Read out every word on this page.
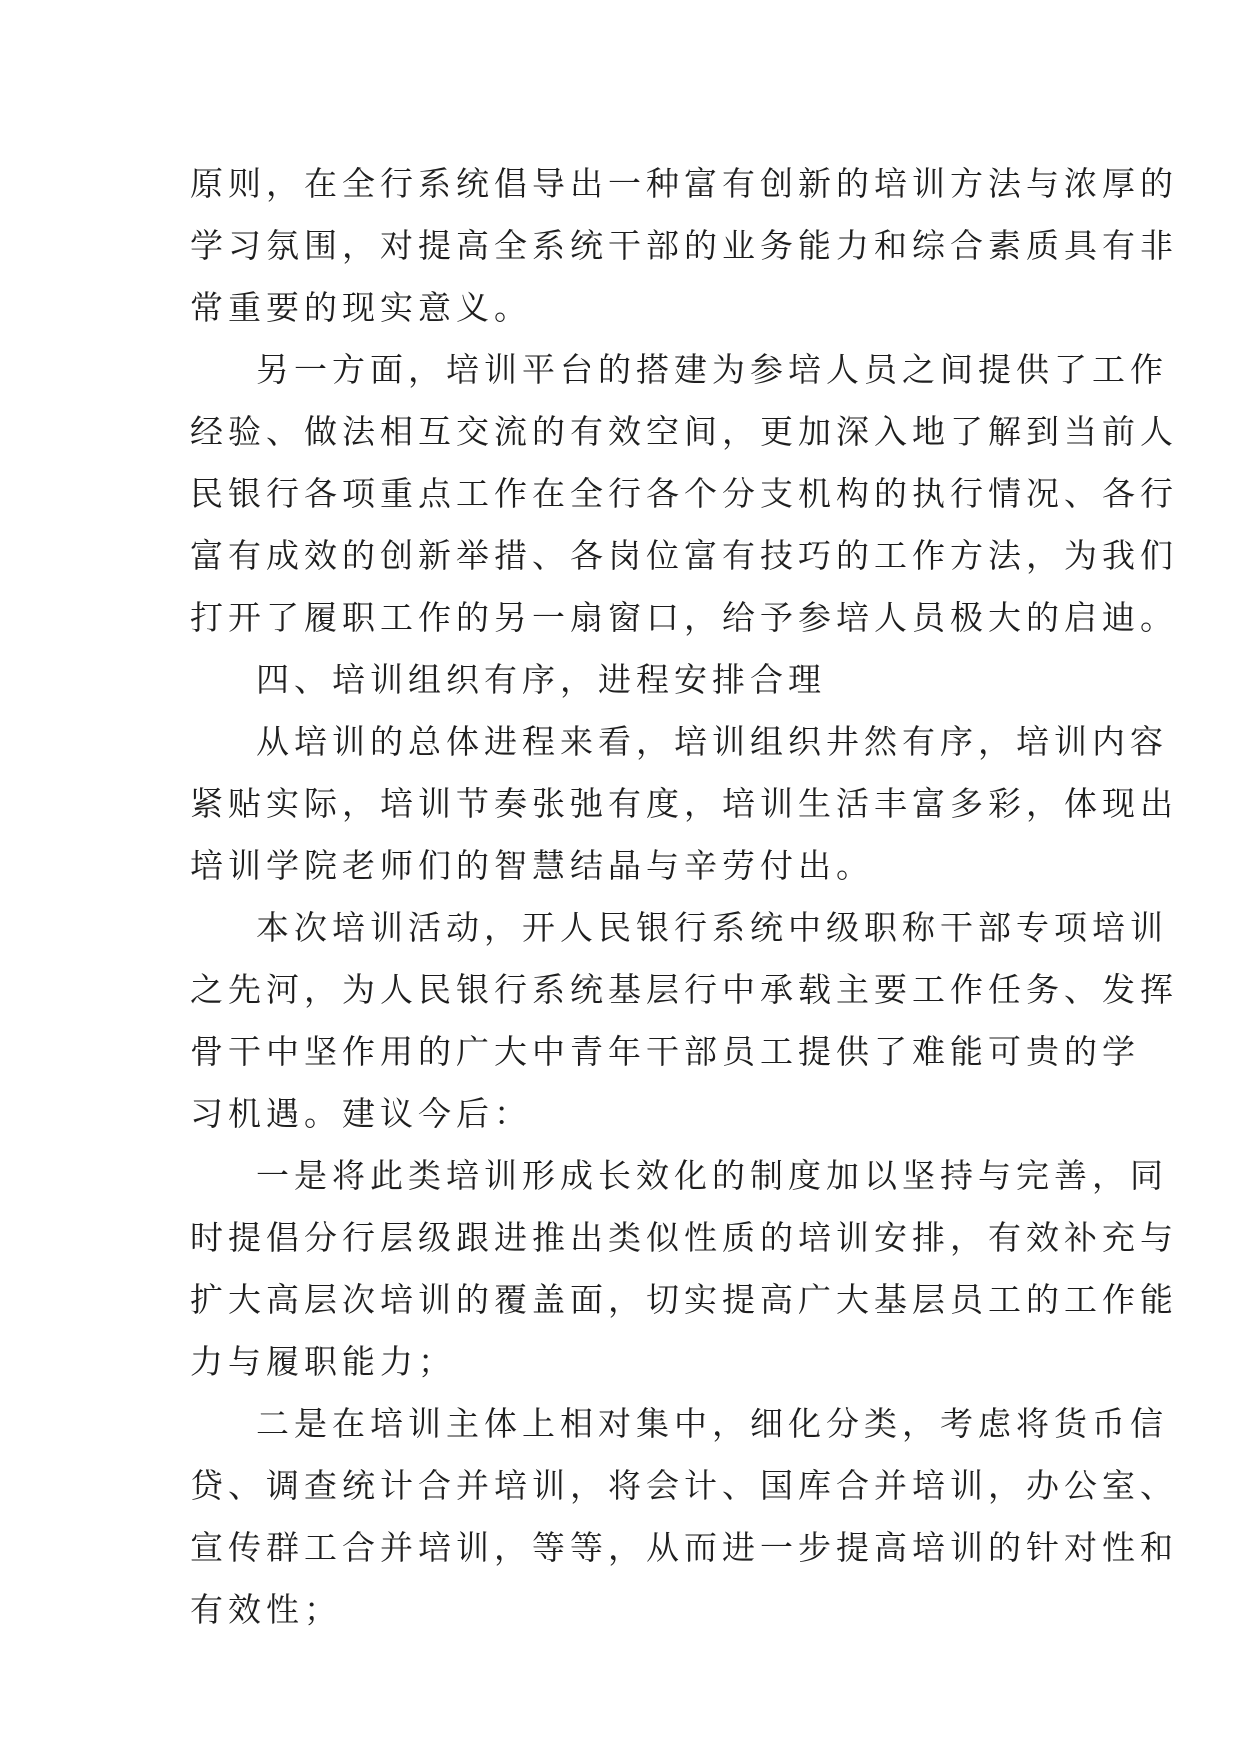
原则，在全行系统倡导出一种富有创新的培训方法与浓厚的
学习氛围，对提高全系统干部的业务能力和综合素质具有非
常重要的现实意义。
另一方面，培训平台的搭建为参培人员之间提供了工作
经验、做法相互交流的有效空间，更加深入地了解到当前人
民银行各项重点工作在全行各个分支机构的执行情况、各行
富有成效的创新举措、各岗位富有技巧的工作方法，为我们
打开了履职工作的另一扇窗口，给予参培人员极大的启迪。
四、培训组织有序，进程安排合理
从培训的总体进程来看，培训组织井然有序，培训内容
紧贴实际，培训节奏张弛有度，培训生活丰富多彩，体现出
培训学院老师们的智慧结晶与辛劳付出。
本次培训活动，开人民银行系统中级职称干部专项培训
之先河，为人民银行系统基层行中承载主要工作任务、发挥
骨干中坚作用的广大中青年干部员工提供了难能可贵的学
习机遇。建议今后：
一是将此类培训形成长效化的制度加以坚持与完善，同
时提倡分行层级跟进推出类似性质的培训安排，有效补充与
扩大高层次培训的覆盖面，切实提高广大基层员工的工作能
力与履职能力；
二是在培训主体上相对集中，细化分类，考虑将货币信
贷、调查统计合并培训，将会计、国库合并培训，办公室、
宣传群工合并培训，等等，从而进一步提高培训的针对性和
有效性；
